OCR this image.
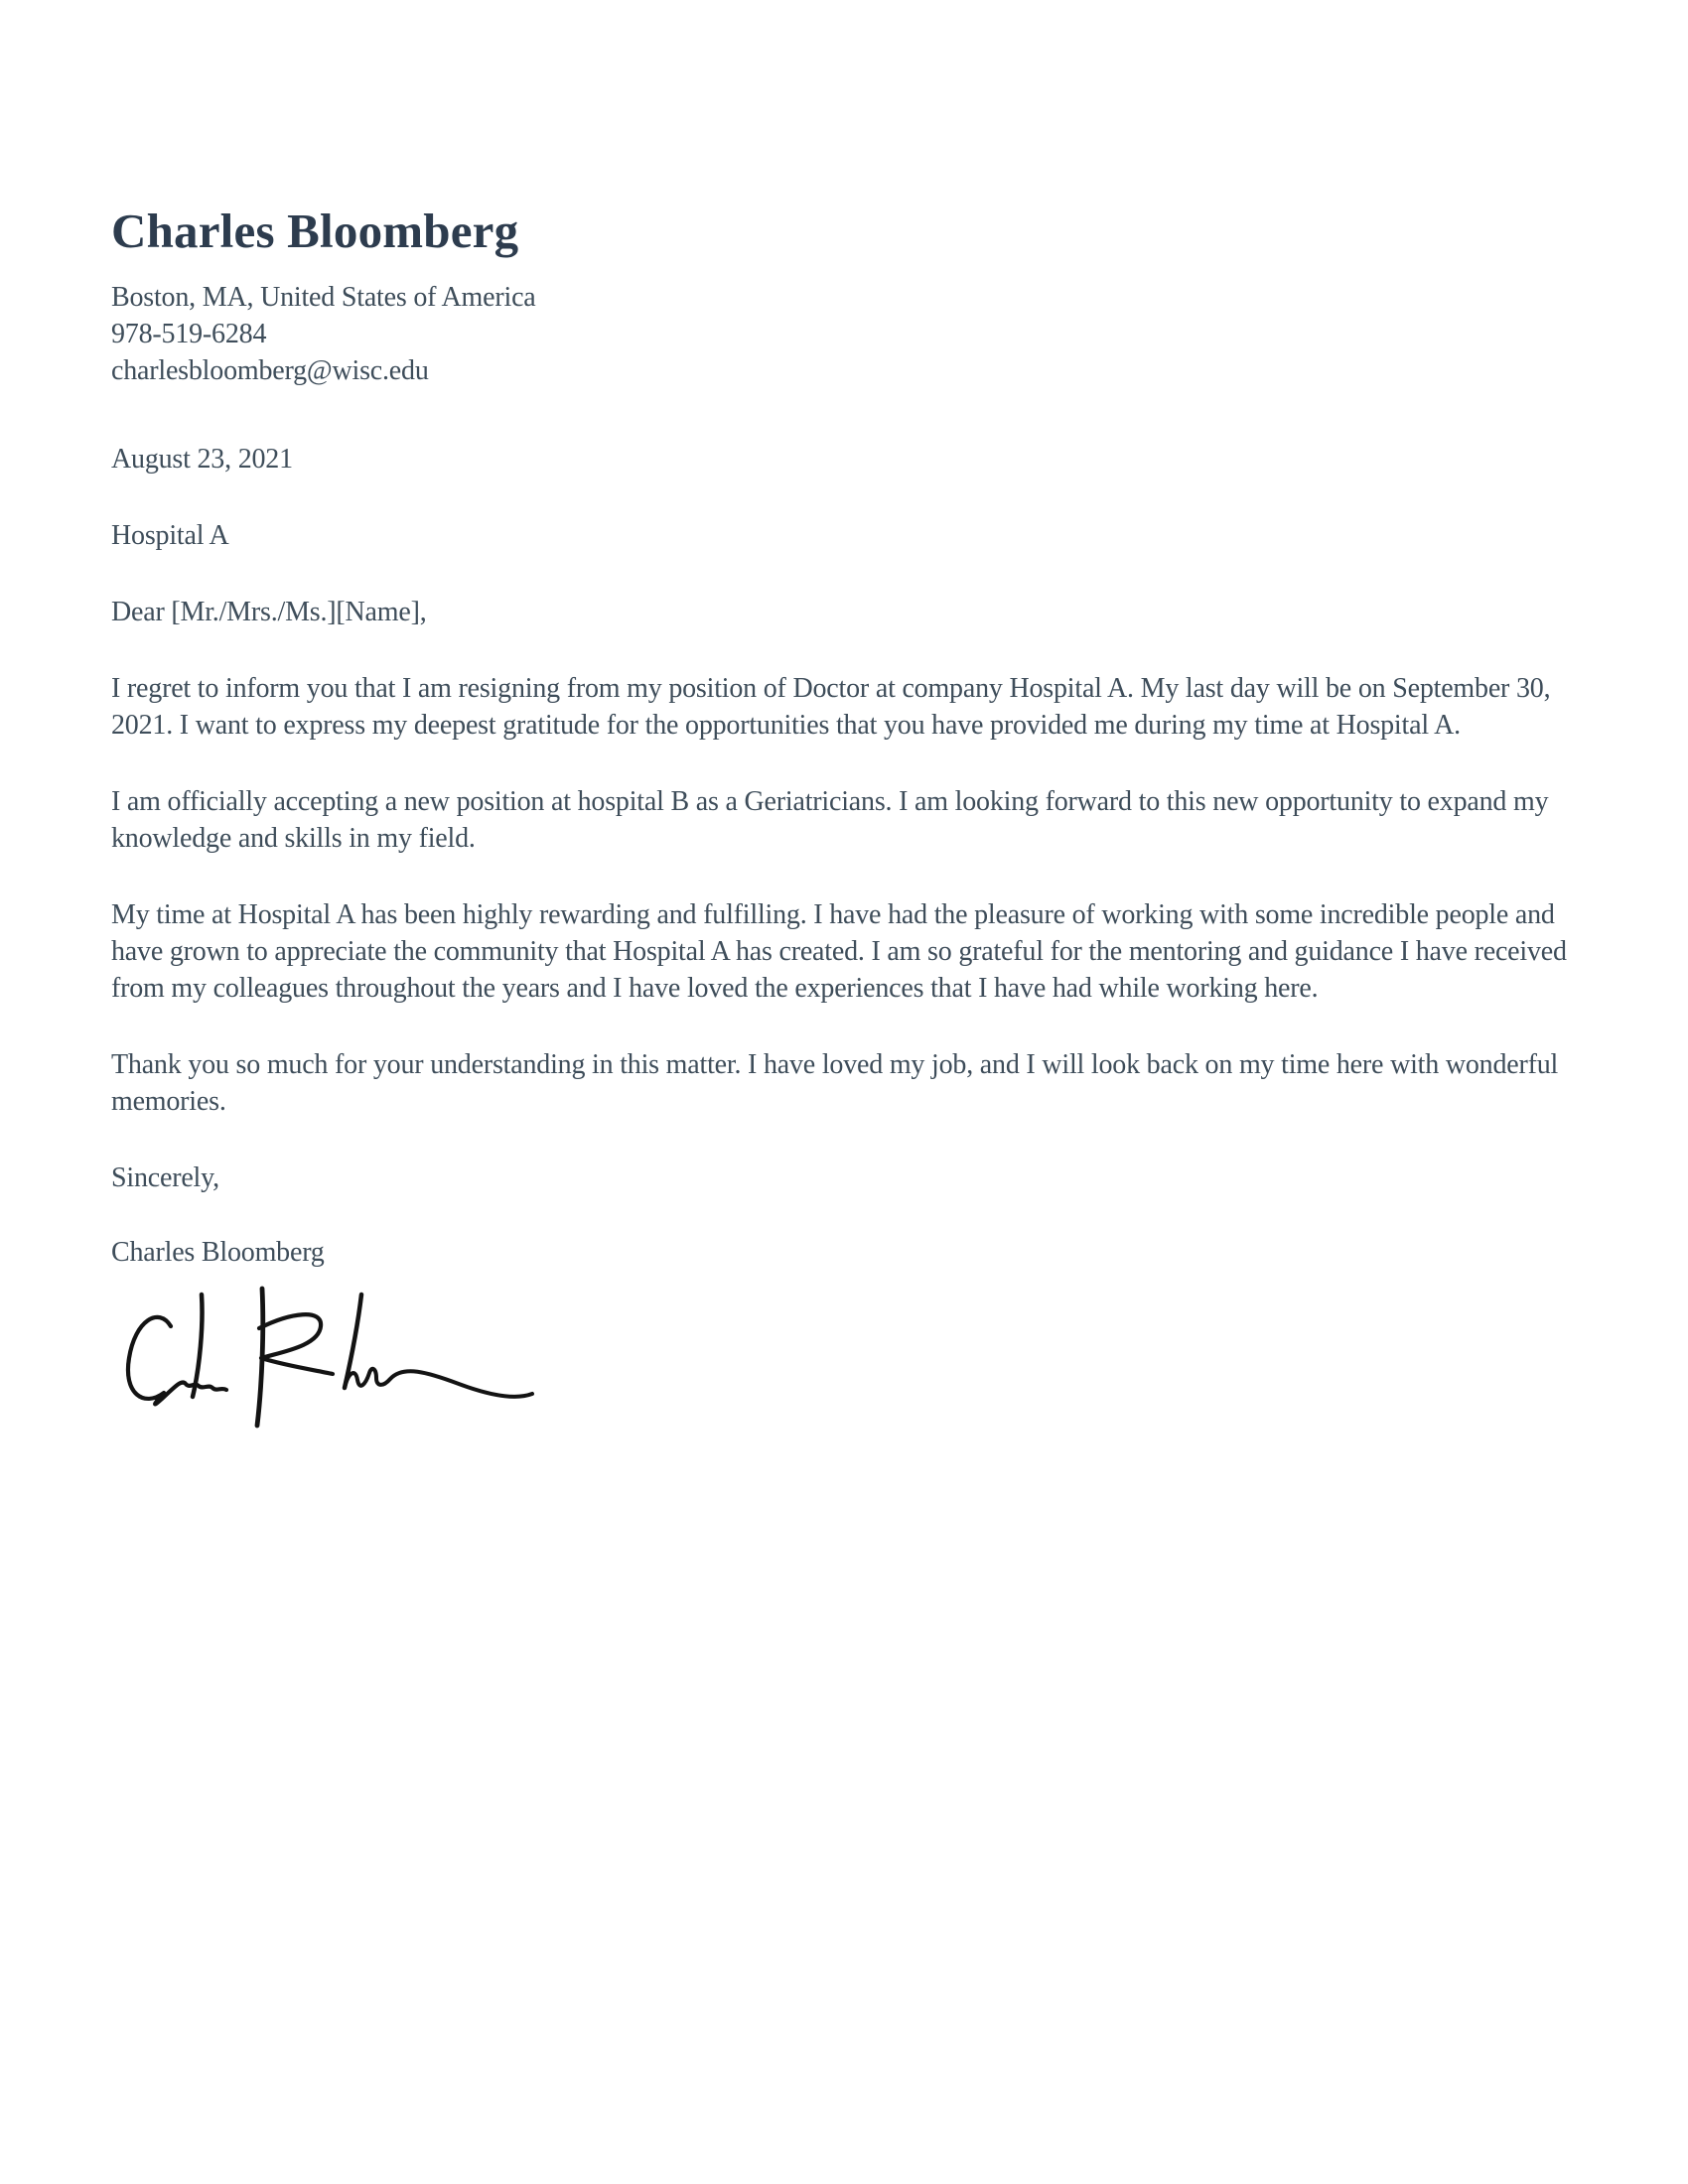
Charles Bloomberg
Boston, MA, United States of America
978-519-6284
charlesbloomberg@wisc.edu
August 23, 2021
Hospital A
Dear [Mr./Mrs./Ms.][Name],

I regret to inform you that I am resigning from my position of Doctor at company Hospital A. My last day will be on September 30, 2021. I want to express my deepest gratitude for the opportunities that you have provided me during my time at Hospital A.

I am officially accepting a new position at hospital B as a Geriatricians. I am looking forward to this new opportunity to expand my knowledge and skills in my field.

My time at Hospital A has been highly rewarding and fulfilling. I have had the pleasure of working with some incredible people and have grown to appreciate the community that Hospital A has created. I am so grateful for the mentoring and guidance I have received from my colleagues throughout the years and I have loved the experiences that I have had while working here.

Thank you so much for your understanding in this matter. I have loved my job, and I will look back on my time here with wonderful memories.

Sincerely,
Charles Bloomberg
